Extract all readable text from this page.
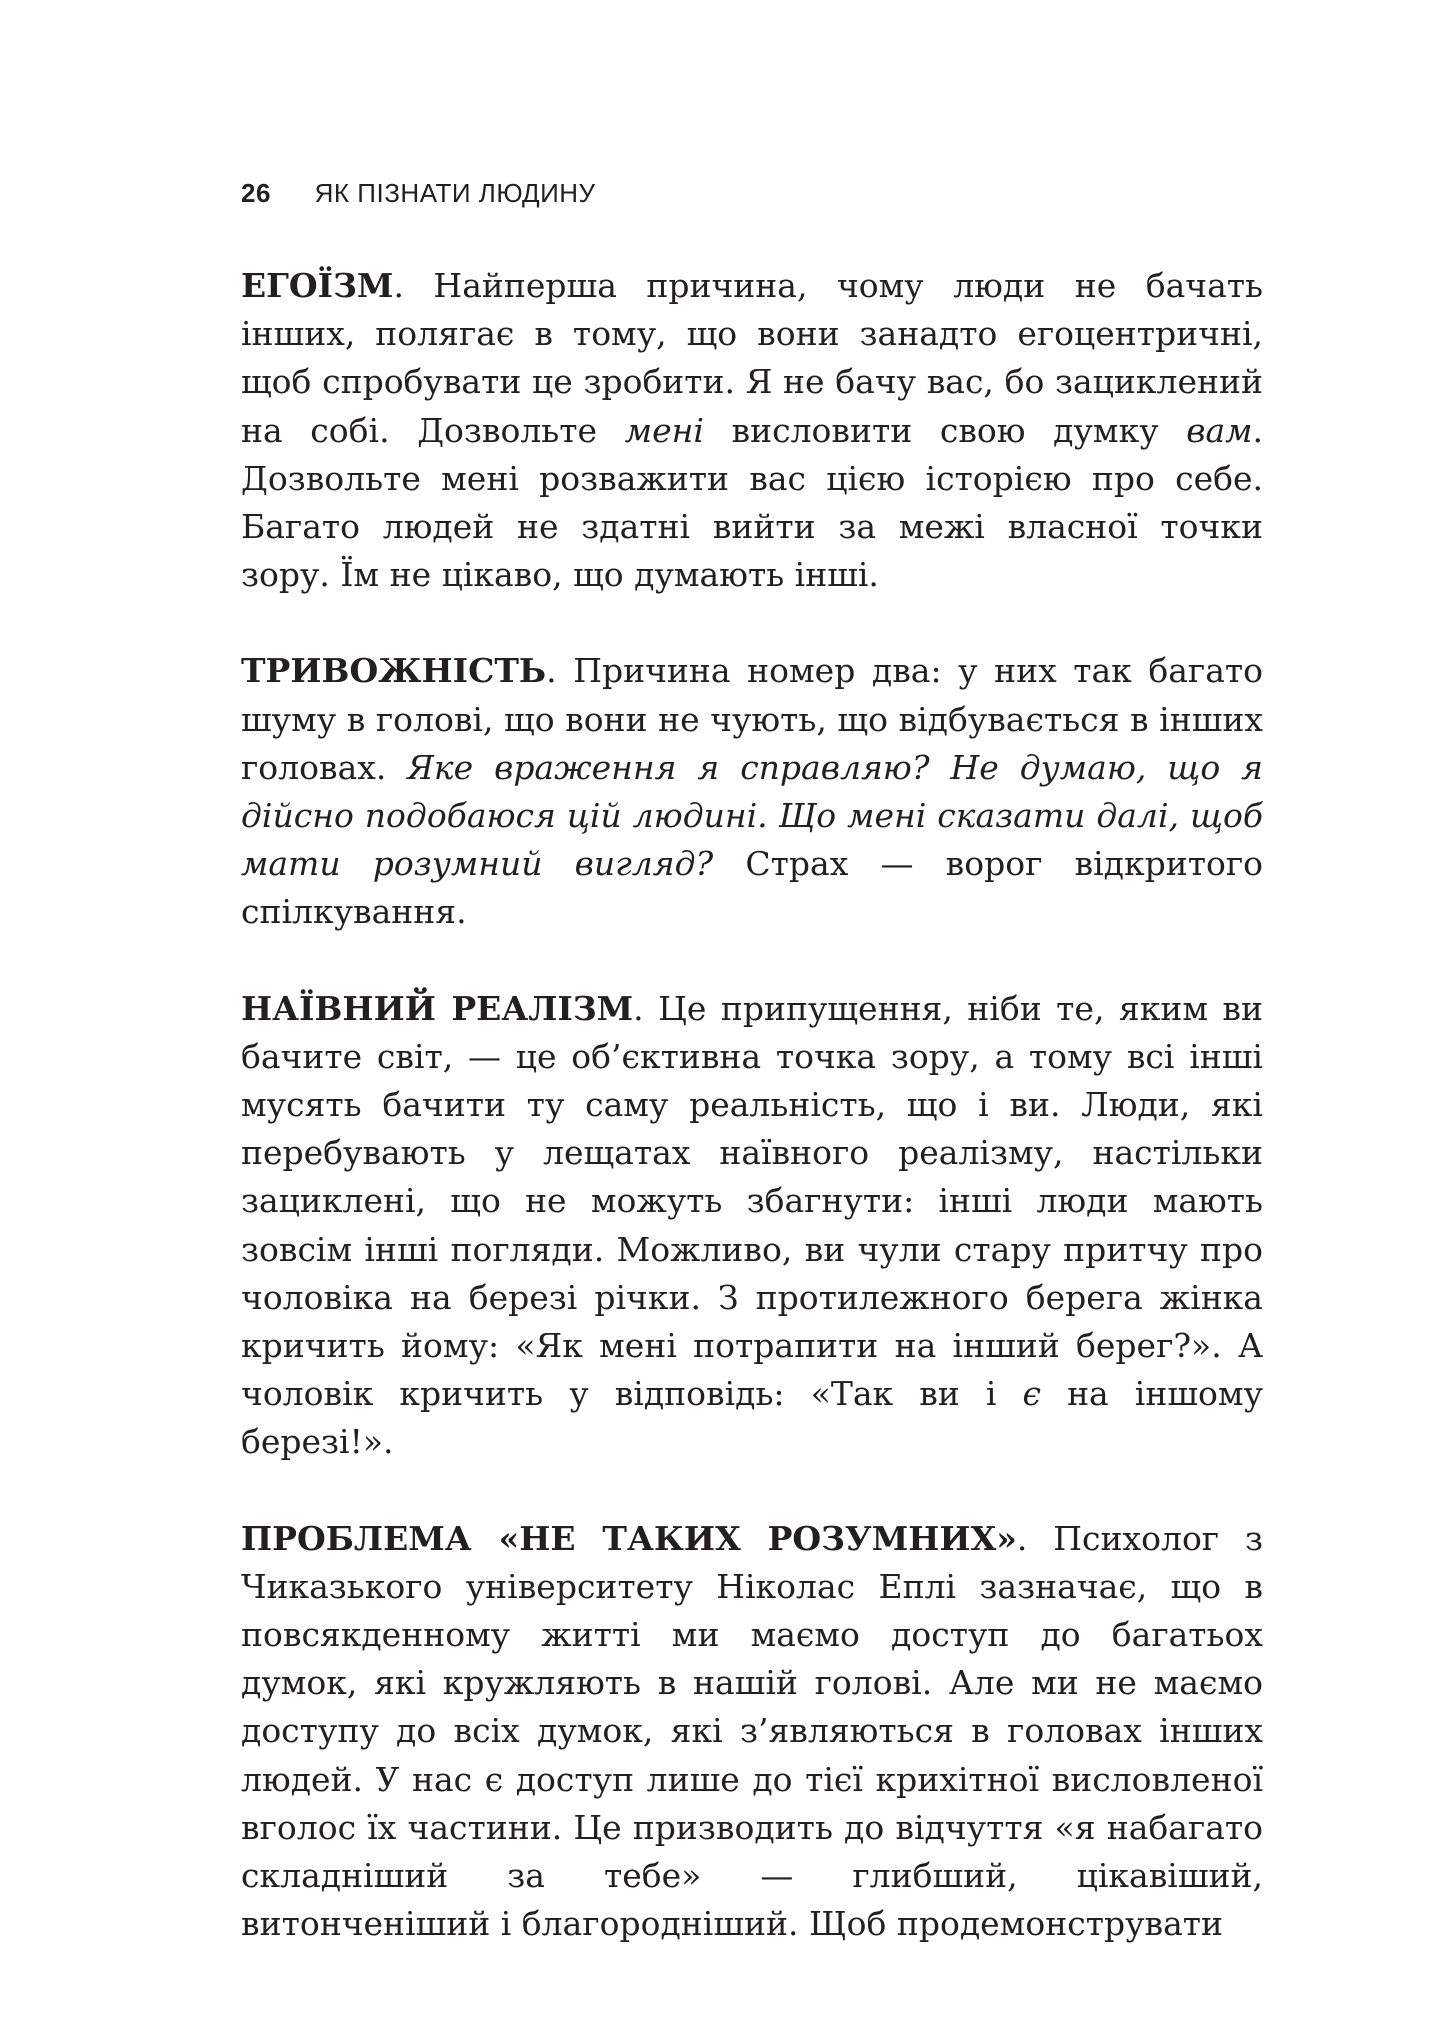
26 ЯК ПІЗНАТИ ЛЮДИНУ

ЕГОЇЗМ. Найперша причина, чому люди не бачать інших, полягає в тому, що вони занадто егоцентричні, щоб спробувати це зробити. Я не бачу вас, бо зациклений на собі. Дозвольте мені висловити свою думку вам. Дозвольте мені розважити вас цією історією про себе. Багато людей не здатні вийти за межі власної точки зору. Їм не цікаво, що думають інші.

ТРИВОЖНІСТЬ. Причина номер два: у них так багато шуму в голові, що вони не чують, що відбувається в інших головах. Яке враження я справляю? Не думаю, що я дійсно подобаюся цій людині. Що мені сказати далі, щоб мати розумний вигляд? Страх — ворог відкритого спілкування.

НАЇВНИЙ РЕАЛІЗМ. Це припущення, ніби те, яким ви бачите світ, — це об’єктивна точка зору, а тому всі інші мусять бачити ту саму реальність, що і ви. Люди, які перебувають у лещатах наївного реалізму, настільки зациклені, що не можуть збагнути: інші люди мають зовсім інші погляди. Можливо, ви чули стару притчу про чоловіка на березі річки. З протилежного берега жінка кричить йому: «Як мені потрапити на інший берег?». А чоловік кричить у відповідь: «Так ви і є на іншому березі!».

ПРОБЛЕМА «НЕ ТАКИХ РОЗУМНИХ». Психолог з Чиказького університету Ніколас Еплі зазначає, що в повсякденному житті ми маємо доступ до багатьох думок, які кружляють в нашій голові. Але ми не маємо доступу до всіх думок, які з’являються в головах інших людей. У нас є доступ лише до тієї крихітної висловленої вголос їх частини. Це призводить до відчуття «я набагато складніший за тебе» — глибший, цікавіший, витонченіший і благородніший. Щоб продемонструвати
